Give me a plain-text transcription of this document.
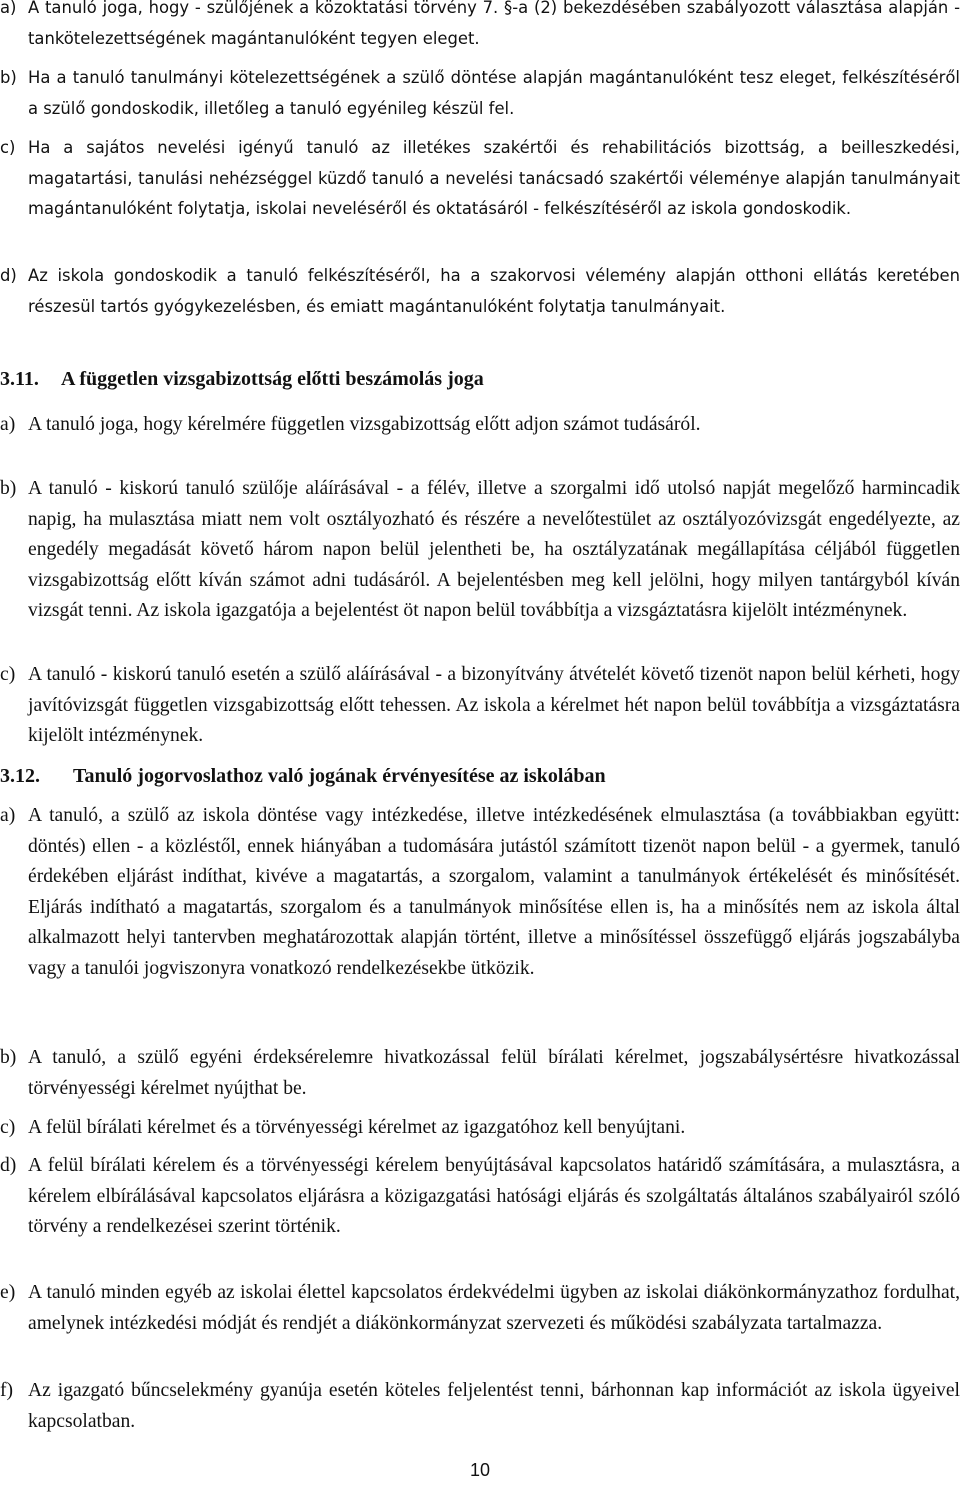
a) A tanuló joga, hogy - szülőjének a közoktatási törvény 7. §-a (2) bekezdésében szabályozott választása alapján - tankötelezettségének magántanulóként tegyen eleget.
b) Ha a tanuló tanulmányi kötelezettségének a szülő döntése alapján magántanulóként tesz eleget, felkészítéséről a szülő gondoskodik, illetőleg a tanuló egyénileg készül fel.
c) Ha a sajátos nevelési igényű tanuló az illetékes szakértői és rehabilitációs bizottság, a beilleszkedési, magatartási, tanulási nehézséggel küzdő tanuló a nevelési tanácsadó szakértői véleménye alapján tanulmányait magántanulóként folytatja, iskolai neveléséről és oktatásáról - felkészítéséről az iskola gondoskodik.
d) Az iskola gondoskodik a tanuló felkészítéséről, ha a szakorvosi vélemény alapján otthoni ellátás keretében részesül tartós gyógykezelésben, és emiatt magántanulóként folytatja tanulmányait.
3.11. A független vizsgabizottság előtti beszámolás joga
a) A tanuló joga, hogy kérelmére független vizsgabizottság előtt adjon számot tudásáról.
b) A tanuló - kiskorú tanuló szülője aláírásával - a félév, illetve a szorgalmi idő utolsó napját megelőző harmincadik napig, ha mulasztása miatt nem volt osztályozható és részére a nevelőtestület az osztályozóvizsgát engedélyezte, az engedély megadását követő három napon belül jelentheti be, ha osztályzatának megállapítása céljából független vizsgabizottság előtt kíván számot adni tudásáról. A bejelentésben meg kell jelölni, hogy milyen tantárgyból kíván vizsgát tenni. Az iskola igazgatója a bejelentést öt napon belül továbbítja a vizsgáztatásra kijelölt intézménynek.
c) A tanuló - kiskorú tanuló esetén a szülő aláírásával - a bizonyítvány átvételét követő tizenöt napon belül kérheti, hogy javítóvizsgát független vizsgabizottság előtt tehessen. Az iskola a kérelmet hét napon belül továbbítja a vizsgáztatásra kijelölt intézménynek.
3.12. Tanuló jogorvoslathoz való jogának érvényesítése az iskolában
a) A tanuló, a szülő az iskola döntése vagy intézkedése, illetve intézkedésének elmulasztása (a továbbiakban együtt: döntés) ellen - a közléstől, ennek hiányában a tudomására jutástól számított tizenöt napon belül - a gyermek, tanuló érdekében eljárást indíthat, kivéve a magatartás, a szorgalom, valamint a tanulmányok értékelését és minősítését. Eljárás indítható a magatartás, szorgalom és a tanulmányok minősítése ellen is, ha a minősítés nem az iskola által alkalmazott helyi tantervben meghatározottak alapján történt, illetve a minősítéssel összefüggő eljárás jogszabályba vagy a tanulói jogviszonyra vonatkozó rendelkezésekbe ütközik.
b) A tanuló, a szülő egyéni érdeksérelemre hivatkozással felül bírálati kérelmet, jogszabálysértésre hivatkozással törvényességi kérelmet nyújthat be.
c) A felül bírálati kérelmet és a törvényességi kérelmet az igazgatóhoz kell benyújtani.
d) A felül bírálati kérelem és a törvényességi kérelem benyújtásával kapcsolatos határidő számítására, a mulasztásra, a kérelem elbírálásával kapcsolatos eljárásra a közigazgatási hatósági eljárás és szolgáltatás általános szabályairól szóló törvény a rendelkezései szerint történik.
e) A tanuló minden egyéb az iskolai élettel kapcsolatos érdekvédelmi ügyben az iskolai diákönkormányzathoz fordulhat, amelynek intézkedési módját és rendjét a diákönkormányzat szervezeti és működési szabályzata tartalmazza.
f) Az igazgató bűncselekmény gyanúja esetén köteles feljelentést tenni, bárhonnan kap információt az iskola ügyeivel kapcsolatban.
10
